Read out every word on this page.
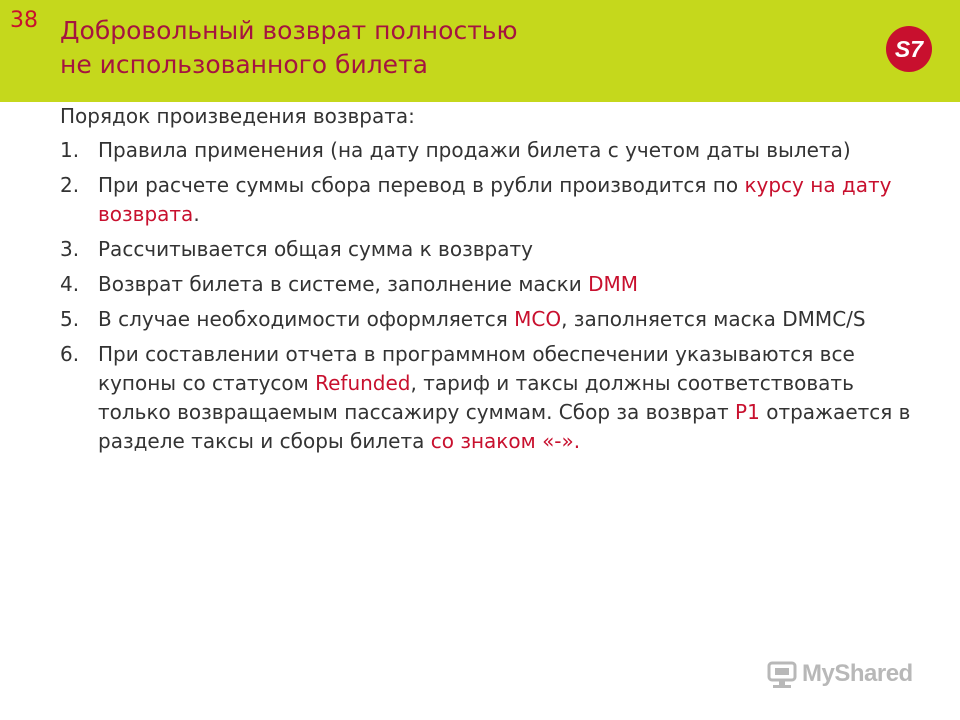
38 Добровольный возврат полностью
не использованного билета
S7
Порядок произведения возврата:
1. Правила применения (на дату продажи билета с учетом даты вылета)
2. При расчете суммы сбора перевод в рубли производится по курсу на дату возврата.
3. Рассчитывается общая сумма к возврату
4. Возврат билета в системе, заполнение маски DMM
5. В случае необходимости оформляется MCO, заполняется маска DMMC/S
6. При составлении отчета в программном обеспечении указываются все купоны со статусом Refunded, тариф и таксы должны соответствовать только возвращаемым пассажиру суммам. Сбор за возврат P1 отражается в разделе таксы и сборы билета со знаком «-».
MyShared
